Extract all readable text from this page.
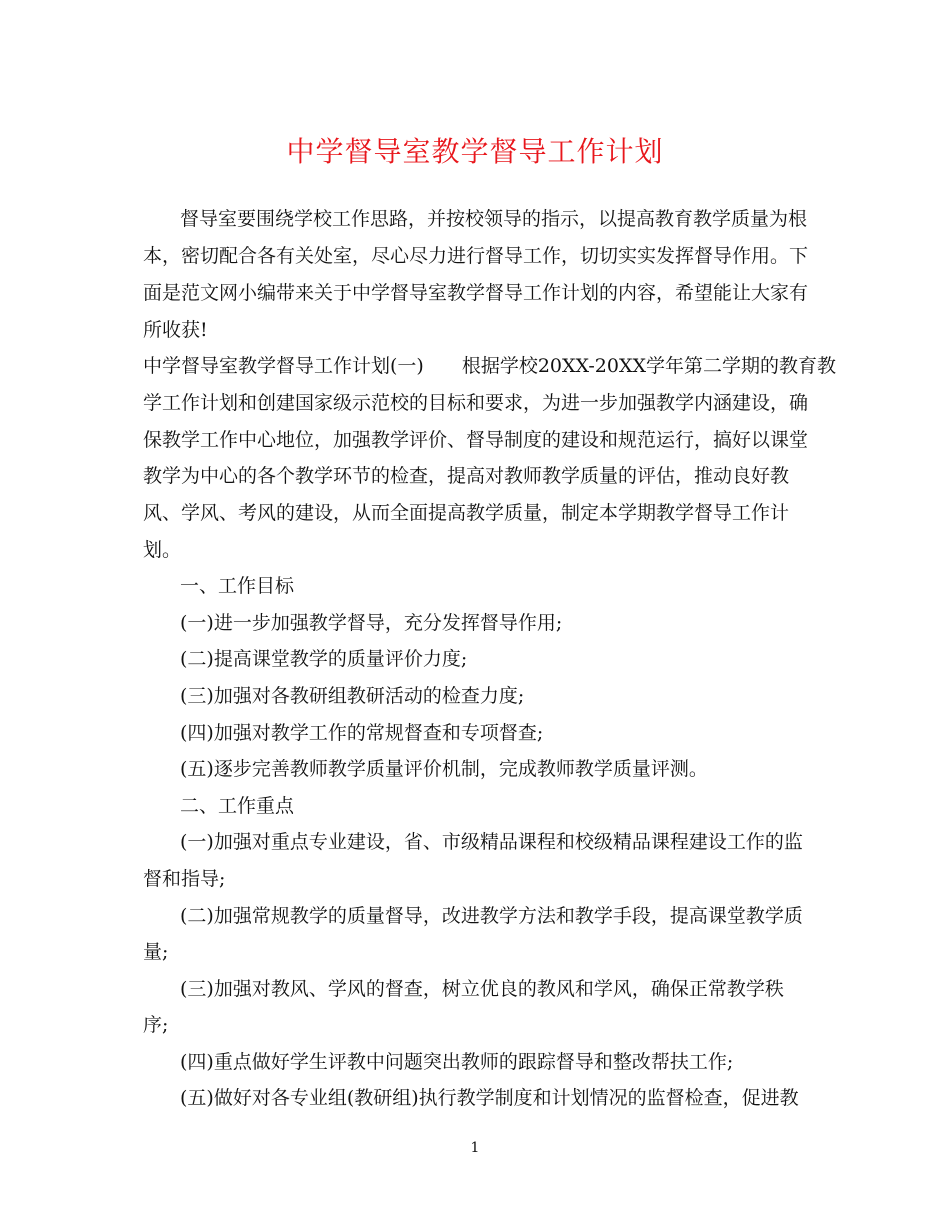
中学督导室教学督导工作计划
督导室要围绕学校工作思路，并按校领导的指示，以提高教育教学质量为根
本，密切配合各有关处室，尽心尽力进行督导工作，切切实实发挥督导作用。下
面是范文网小编带来关于中学督导室教学督导工作计划的内容，希望能让大家有
所收获!
中学督导室教学督导工作计划(一)　　根据学校20XX-20XX学年第二学期的教育教
学工作计划和创建国家级示范校的目标和要求，为进一步加强教学内涵建设，确
保教学工作中心地位，加强教学评价、督导制度的建设和规范运行，搞好以课堂
教学为中心的各个教学环节的检查，提高对教师教学质量的评估，推动良好教
风、学风、考风的建设，从而全面提高教学质量，制定本学期教学督导工作计
划。
一、工作目标
(一)进一步加强教学督导，充分发挥督导作用;
(二)提高课堂教学的质量评价力度;
(三)加强对各教研组教研活动的检查力度;
(四)加强对教学工作的常规督查和专项督查;
(五)逐步完善教师教学质量评价机制，完成教师教学质量评测。
二、工作重点
(一)加强对重点专业建设，省、市级精品课程和校级精品课程建设工作的监
督和指导;
(二)加强常规教学的质量督导，改进教学方法和教学手段，提高课堂教学质
量;
(三)加强对教风、学风的督查，树立优良的教风和学风，确保正常教学秩
序;
(四)重点做好学生评教中问题突出教师的跟踪督导和整改帮扶工作;
(五)做好对各专业组(教研组)执行教学制度和计划情况的监督检查，促进教
1
